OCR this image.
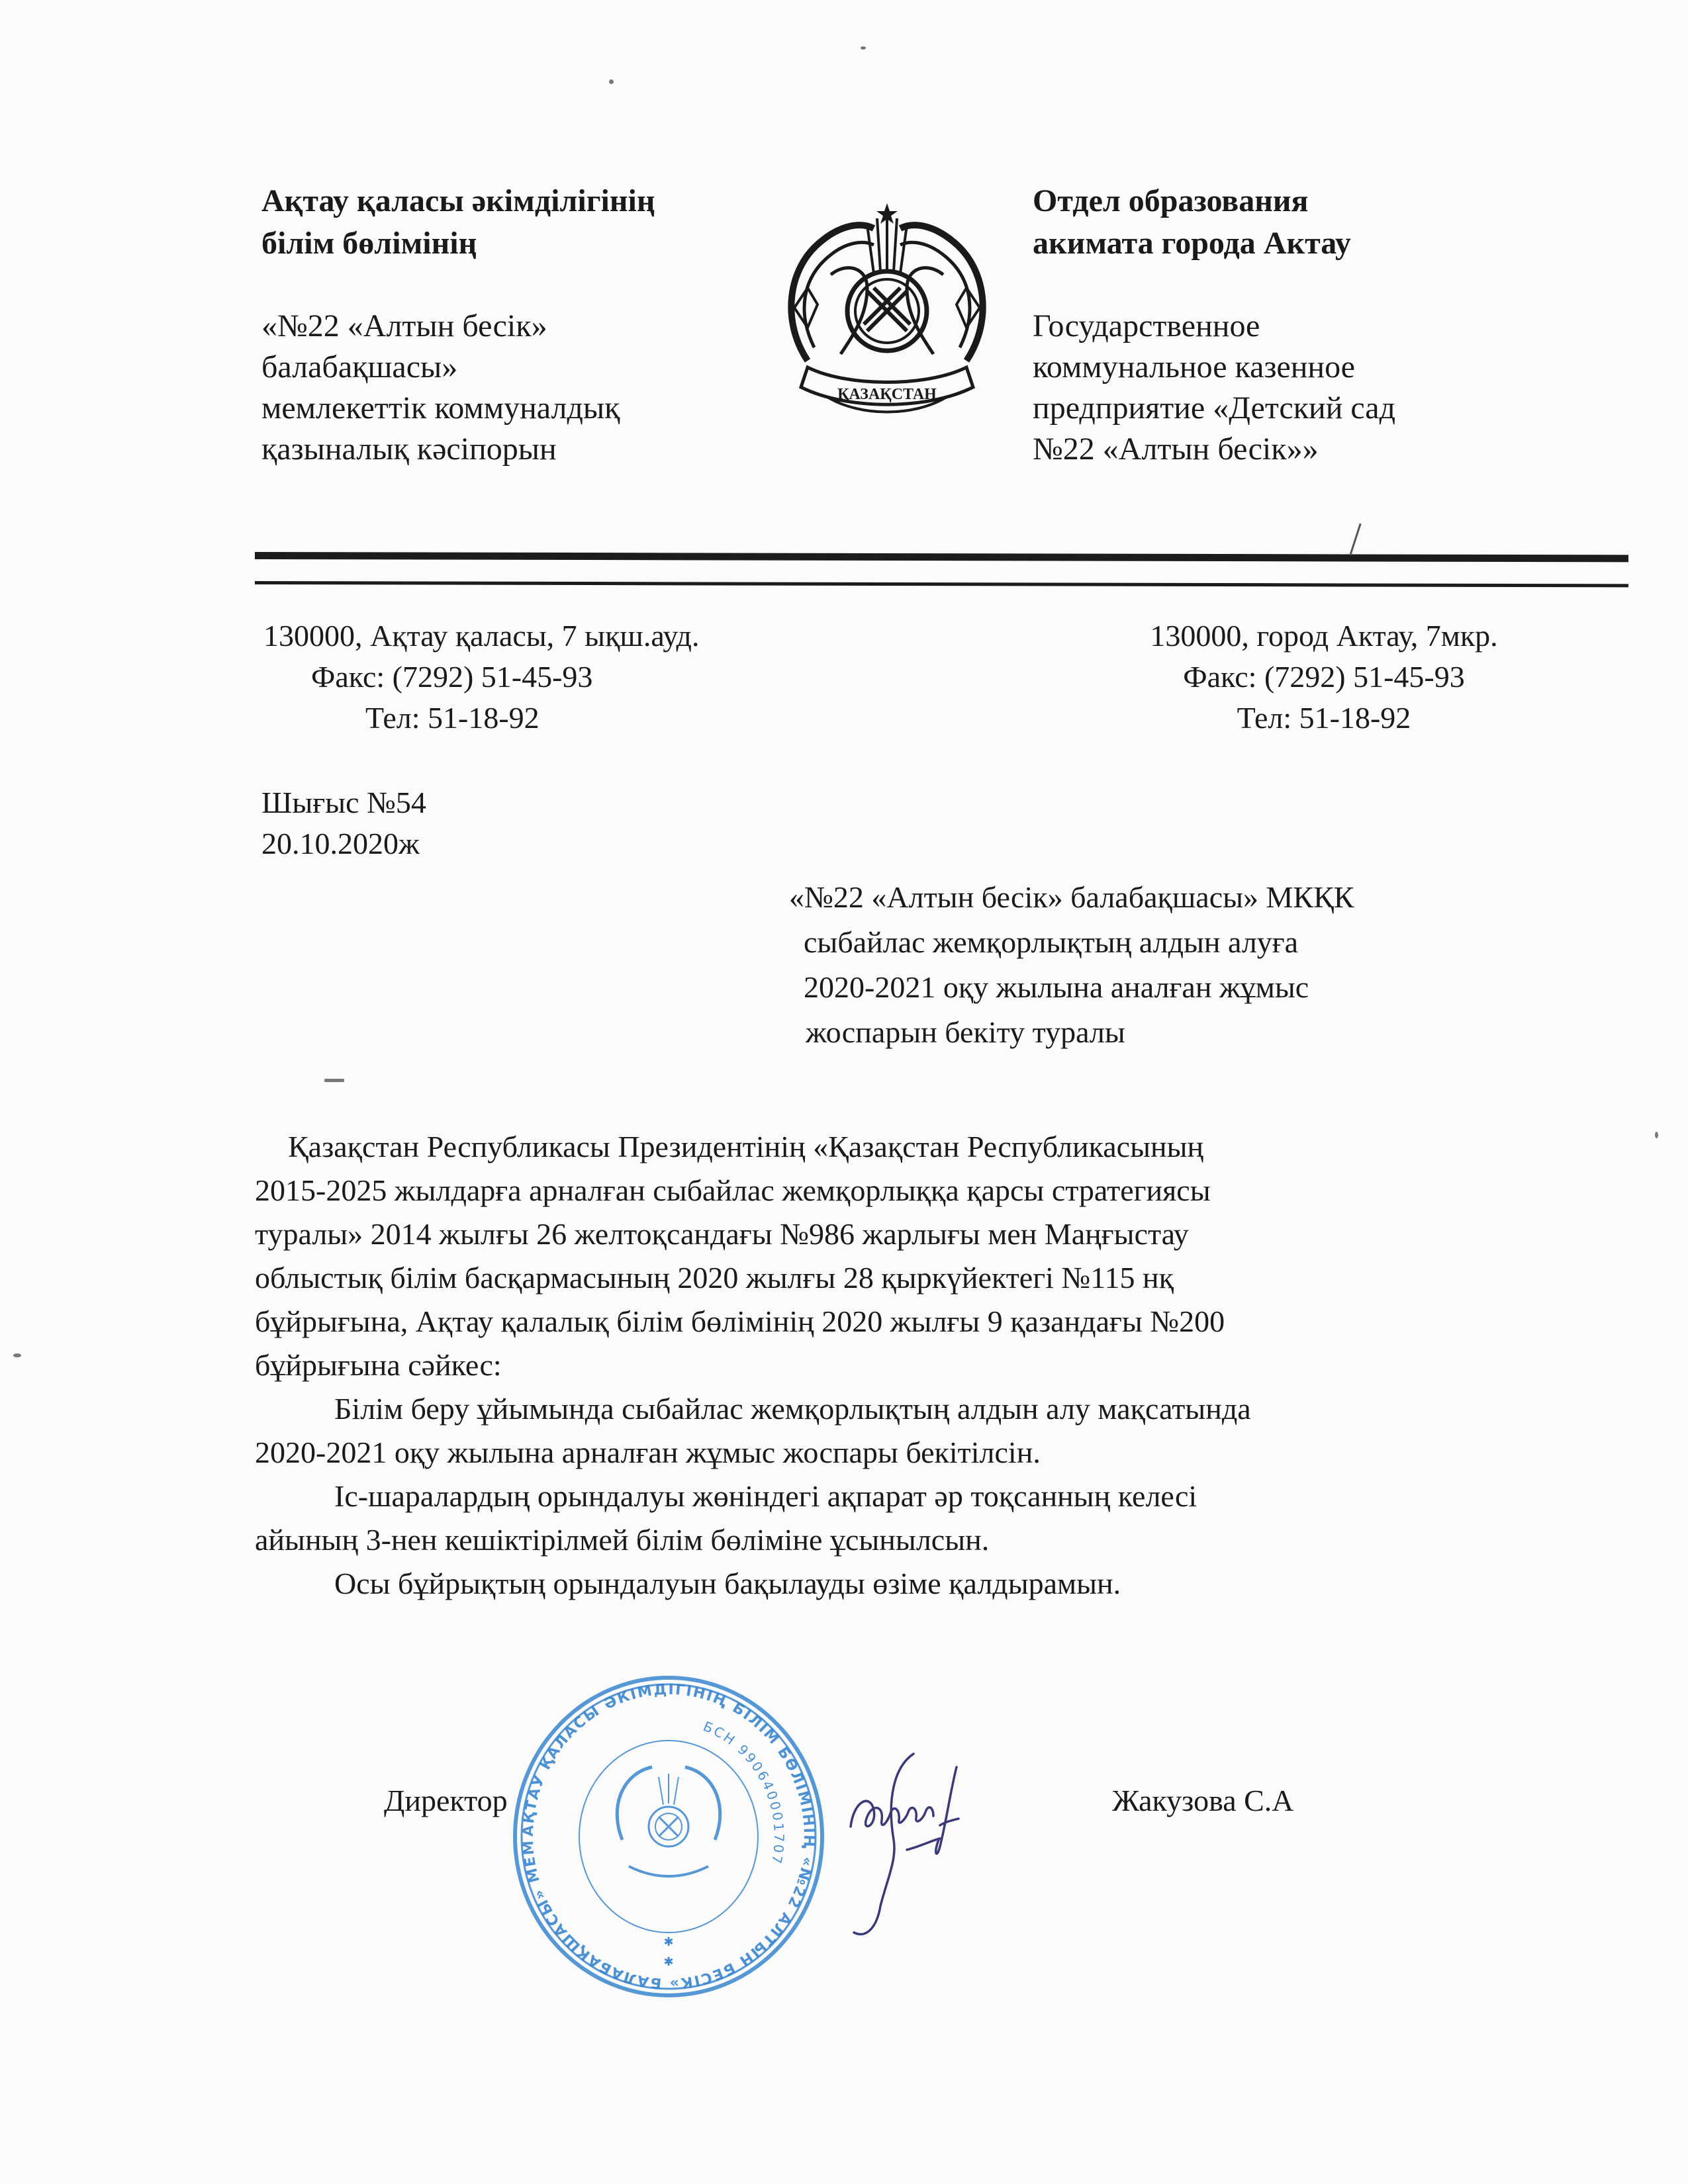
Ақтау қаласы әкімділігінің
білім бөлімінің
«№22 «Алтын бесік»
балабақшасы»
мемлекеттік коммуналдық
қазыналық кәсіпорын
ҚАЗАҚСТАН
Отдел образования
акимата города Актау
Государственное
коммунальное казенное
предприятие «Детский сад
№22 «Алтын бесік»»
130000, Ақтау қаласы, 7 ықш.ауд.
Факс: (7292) 51-45-93
Тел: 51-18-92
130000, город Актау, 7мкр.
Факс: (7292) 51-45-93
Тел: 51-18-92
Шығыс №54
20.10.2020ж
«№22 «Алтын бесік» балабақшасы» МКҚК
сыбайлас жемқорлықтың алдын алуға
2020-2021 оқу жылына аналған жұмыс
жоспарын бекіту туралы
Қазақстан Республикасы Президентінің «Қазақстан Республикасының
2015-2025 жылдарға арналған сыбайлас жемқорлыққа қарсы стратегиясы
туралы» 2014 жылғы 26 желтоқсандағы №986 жарлығы мен Маңғыстау
облыстық білім басқармасының 2020 жылғы 28 қыркүйектегі №115 нқ
бұйрығына, Ақтау қалалық білім бөлімінің 2020 жылғы 9 қазандағы №200
бұйрығына сәйкес:
Білім беру ұйымында сыбайлас жемқорлықтың алдын алу мақсатында
2020-2021 оқу жылына арналған жұмыс жоспары бекітілсін.
Іс-шаралардың орындалуы жөніндегі ақпарат әр тоқсанның келесі
айының 3-нен кешіктірілмей білім бөліміне ұсынылсын.
Осы бұйрықтың орындалуын бақылауды өзіме қалдырамын.
Директор	Жакузова С.А
АҚТАУ ҚАЛАСЫ ӘКІМДІГІНІҢ БІЛІМ БӨЛІМІНІҢ «№22 АЛТЫН БЕСІК» БАЛАБАҚШАСЫ» МЕМ
БСН 990640001707
✱
✱
